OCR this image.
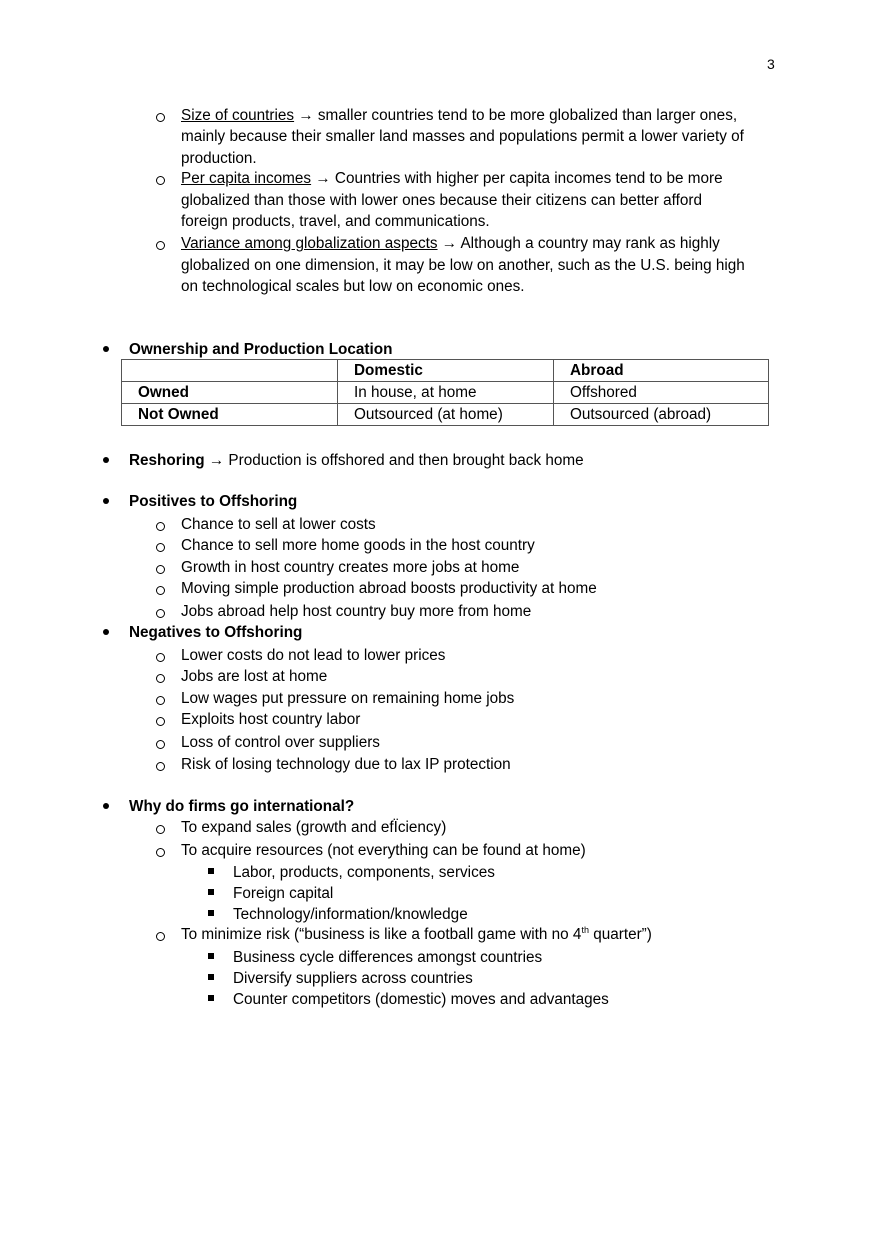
3
Size of countries → smaller countries tend to be more globalized than larger ones,
mainly because their smaller land masses and populations permit a lower variety of
production.
Per capita incomes → Countries with higher per capita incomes tend to be more
globalized than those with lower ones because their citizens can better afford
foreign products, travel, and communications.
Variance among globalization aspects → Although a country may rank as highly
globalized on one dimension, it may be low on another, such as the U.S. being high
on technological scales but low on economic ones.
Ownership and Production Location
	Domestic	Abroad
Owned	In house, at home	Offshored
Not Owned	Outsourced (at home)	Outsourced (abroad)
Reshoring → Production is offshored and then brought back home
Positives to Offshoring
Chance to sell at lower costs
Chance to sell more home goods in the host country
Growth in host country creates more jobs at home
Moving simple production abroad boosts productivity at home
Jobs abroad help host country buy more from home
Negatives to Offshoring
Lower costs do not lead to lower prices
Jobs are lost at home
Low wages put pressure on remaining home jobs
Exploits host country labor
Loss of control over suppliers
Risk of losing technology due to lax IP protection
Why do firms go international?
To expand sales (growth and efÏciency)
To acquire resources (not everything can be found at home)
Labor, products, components, services
Foreign capital
Technology/information/knowledge
To minimize risk (“business is like a football game with no 4th quarter”)
Business cycle differences amongst countries
Diversify suppliers across countries
Counter competitors (domestic) moves and advantages
